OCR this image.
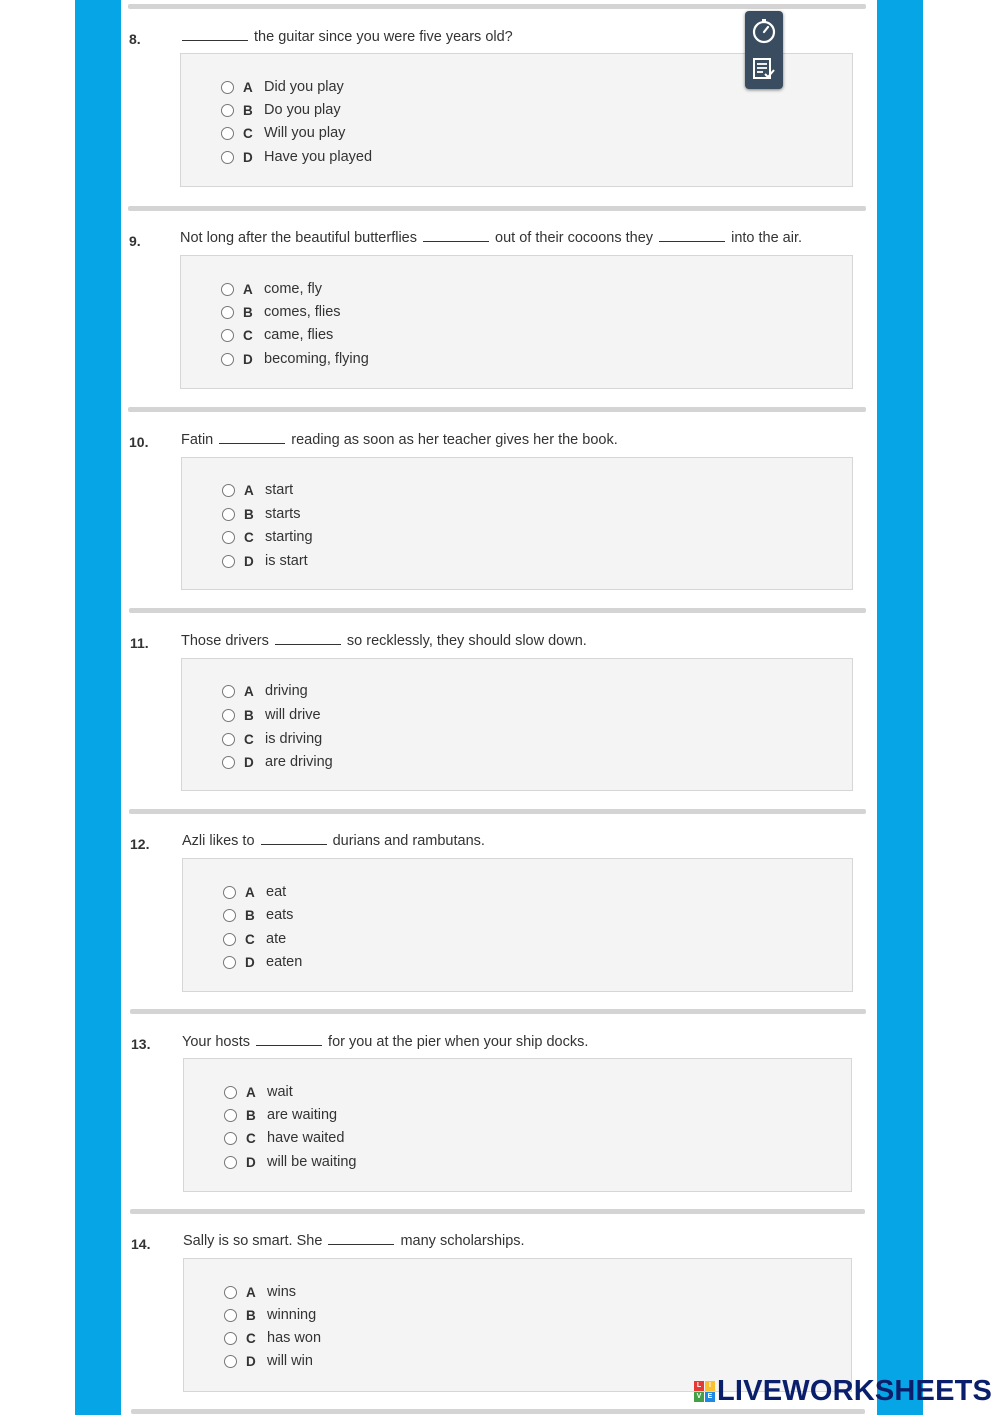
8.	the guitar since you were five years old?
A Did you play
B Do you play
C Will you play
D Have you played
9.	Not long after the beautiful butterflies	out of their cocoons they	into the air.
A come, fly
B comes, flies
C came, flies
D becoming, flying
10. Fatin	reading as soon as her teacher gives her the book.
A start
B starts
C starting
D is start
11. Those drivers	so recklessly, they should slow down.
A driving
B will drive
C is driving
D are driving
12. Azli likes to	durians and rambutans.
A eat
B eats
C ate
D eaten
13. Your hosts	for you at the pier when your ship docks.
A wait
B are waiting
C have waited
D will be waiting
14. Sally is so smart. She	many scholarships.
A wins
B winning
C has won
D will win
L	I
V E LIVEWORKSHEETS
